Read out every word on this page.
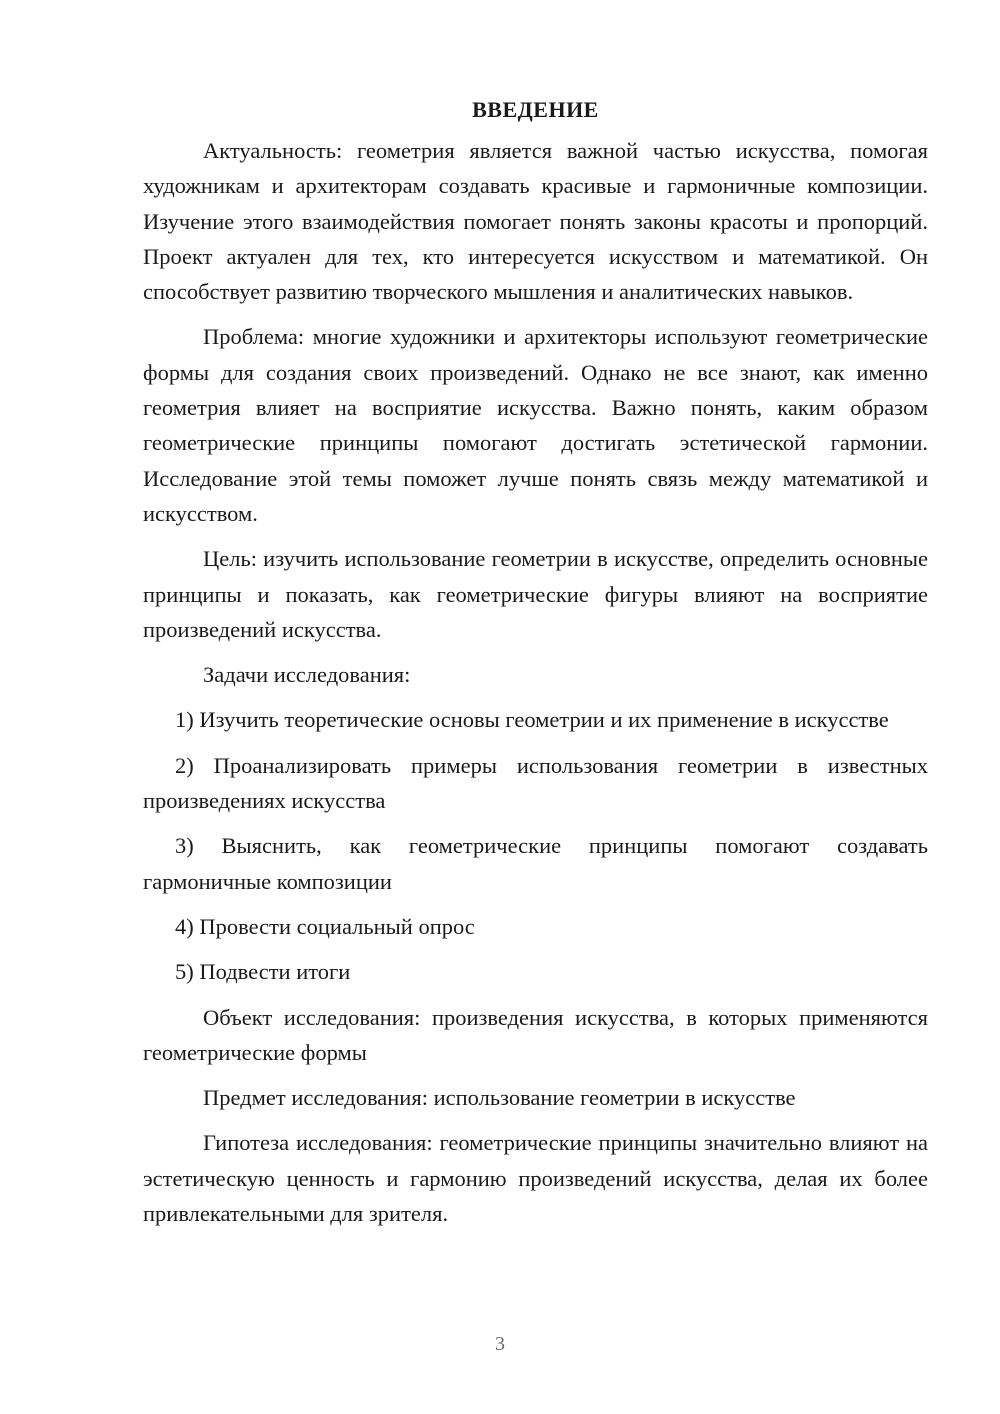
ВВЕДЕНИЕ

Актуальность: геометрия является важной частью искусства, помогая художникам и архитекторам создавать красивые и гармоничные композиции. Изучение этого взаимодействия помогает понять законы красоты и пропорций. Проект актуален для тех, кто интересуется искусством и математикой. Он способствует развитию творческого мышления и аналитических навыков.

Проблема: многие художники и архитекторы используют геометрические формы для создания своих произведений. Однако не все знают, как именно геометрия влияет на восприятие искусства. Важно понять, каким образом геометрические принципы помогают достигать эстетической гармонии. Исследование этой темы поможет лучше понять связь между математикой и искусством.

Цель: изучить использование геометрии в искусстве, определить основные принципы и показать, как геометрические фигуры влияют на восприятие произведений искусства.

Задачи исследования:

1) Изучить теоретические основы геометрии и их применение в искусстве

2) Проанализировать примеры использования геометрии в известных произведениях искусства

3) Выяснить, как геометрические принципы помогают создавать гармоничные композиции

4) Провести социальный опрос

5) Подвести итоги

Объект исследования: произведения искусства, в которых применяются геометрические формы

Предмет исследования: использование геометрии в искусстве

Гипотеза исследования: геометрические принципы значительно влияют на эстетическую ценность и гармонию произведений искусства, делая их более привлекательными для зрителя.

3
